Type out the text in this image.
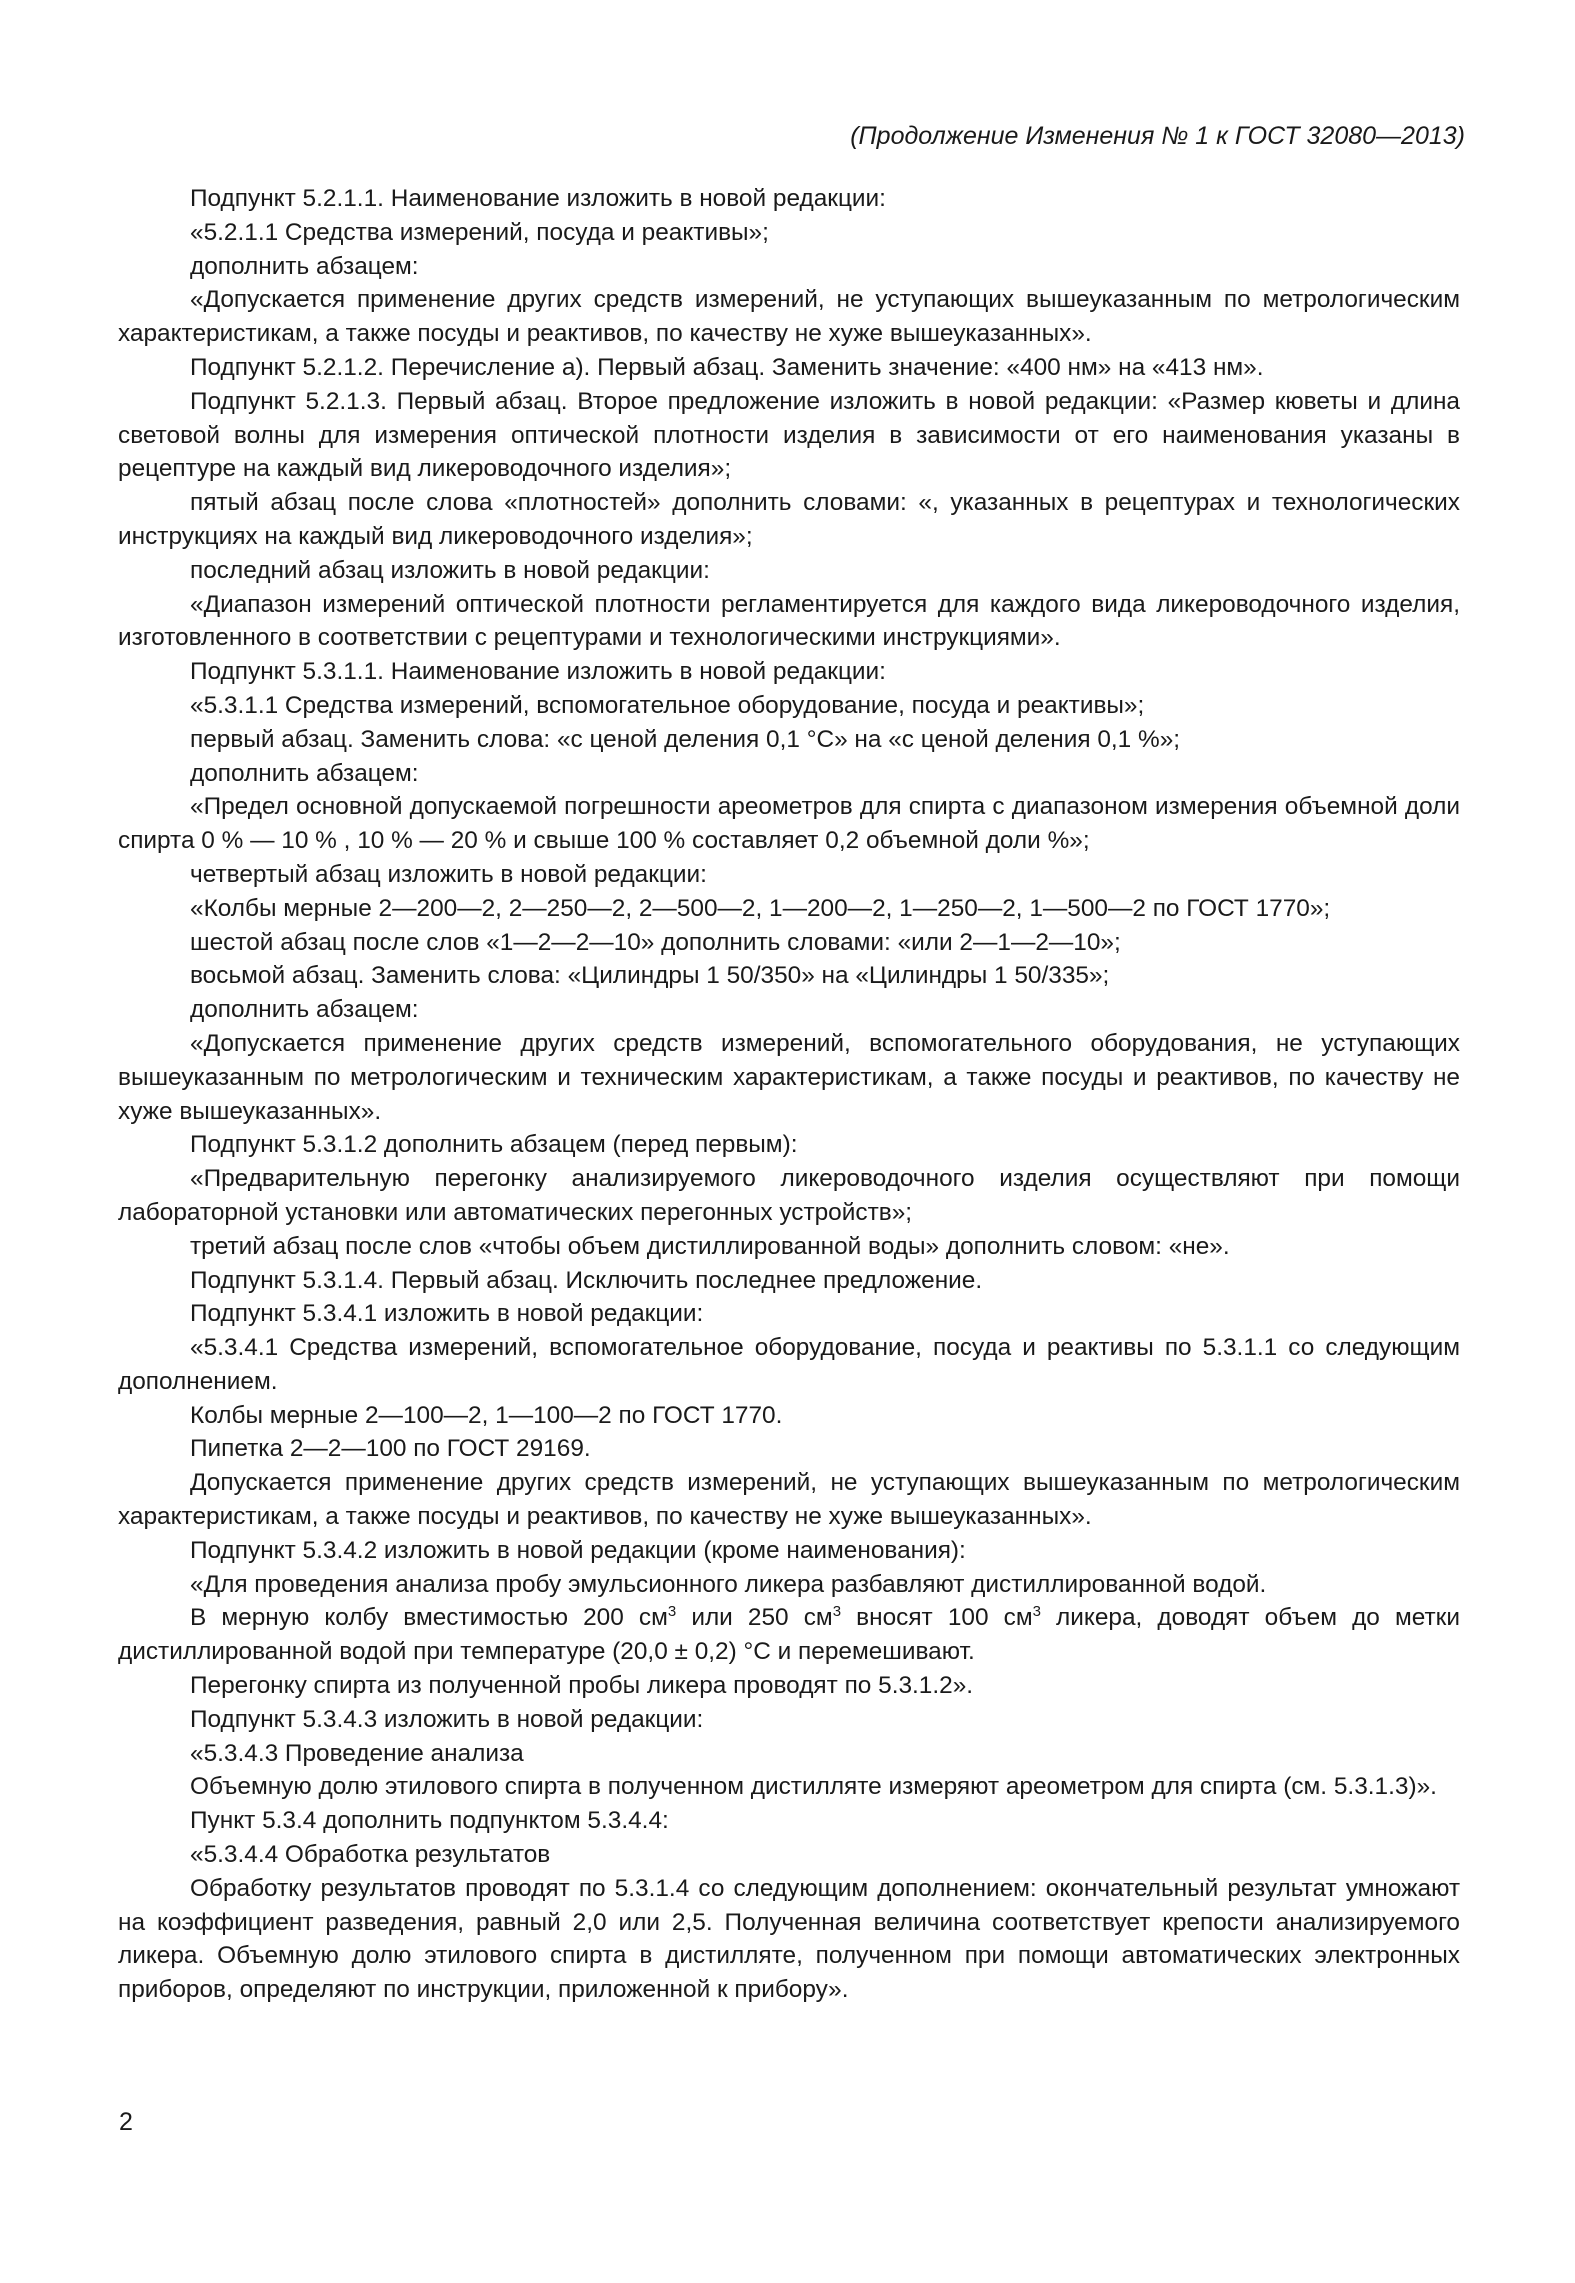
(Продолжение Изменения № 1 к ГОСТ 32080—2013)

Подпункт 5.2.1.1. Наименование изложить в новой редакции:

«5.2.1.1 Средства измерений, посуда и реактивы»;

дополнить абзацем:

«Допускается применение других средств измерений, не уступающих вышеуказанным по метрологическим характеристикам, а также посуды и реактивов, по качеству не хуже вышеуказанных».

Подпункт 5.2.1.2. Перечисление а). Первый абзац. Заменить значение: «400 нм» на «413 нм».

Подпункт 5.2.1.3. Первый абзац. Второе предложение изложить в новой редакции: «Размер кюветы и длина световой волны для измерения оптической плотности изделия в зависимости от его наименования указаны в рецептуре на каждый вид ликероводочного изделия»;

пятый абзац после слова «плотностей» дополнить словами: «, указанных в рецептурах и технологических инструкциях на каждый вид ликероводочного изделия»;

последний абзац изложить в новой редакции:

«Диапазон измерений оптической плотности регламентируется для каждого вида ликероводочного изделия, изготовленного в соответствии с рецептурами и технологическими инструкциями».

Подпункт 5.3.1.1. Наименование изложить в новой редакции:

«5.3.1.1 Средства измерений, вспомогательное оборудование, посуда и реактивы»;

первый абзац. Заменить слова: «с ценой деления 0,1 °С» на «с ценой деления 0,1 %»;

дополнить абзацем:

«Предел основной допускаемой погрешности ареометров для спирта с диапазоном измерения объемной доли спирта 0 % — 10 % , 10 % — 20 % и свыше 100 % составляет 0,2 объемной доли %»;

четвертый абзац изложить в новой редакции:

«Колбы мерные 2—200—2, 2—250—2, 2—500—2, 1—200—2, 1—250—2, 1—500—2 по ГОСТ 1770»;

шестой абзац после слов «1—2—2—10» дополнить словами: «или 2—1—2—10»;

восьмой абзац. Заменить слова: «Цилиндры 1 50/350» на «Цилиндры 1 50/335»;

дополнить абзацем:

«Допускается применение других средств измерений, вспомогательного оборудования, не уступающих вышеуказанным по метрологическим и техническим характеристикам, а также посуды и реактивов, по качеству не хуже вышеуказанных».

Подпункт 5.3.1.2 дополнить абзацем (перед первым):

«Предварительную перегонку анализируемого ликероводочного изделия осуществляют при помощи лабораторной установки или автоматических перегонных устройств»;

третий абзац после слов «чтобы объем дистиллированной воды» дополнить словом: «не».

Подпункт 5.3.1.4. Первый абзац. Исключить последнее предложение.

Подпункт 5.3.4.1 изложить в новой редакции:

«5.3.4.1 Средства измерений, вспомогательное оборудование, посуда и реактивы по 5.3.1.1 со следующим дополнением.

Колбы мерные 2—100—2, 1—100—2 по ГОСТ 1770.

Пипетка 2—2—100 по ГОСТ 29169.

Допускается применение других средств измерений, не уступающих вышеуказанным по метрологическим характеристикам, а также посуды и реактивов, по качеству не хуже вышеуказанных».

Подпункт 5.3.4.2 изложить в новой редакции (кроме наименования):

«Для проведения анализа пробу эмульсионного ликера разбавляют дистиллированной водой.

В мерную колбу вместимостью 200 $см^3$ или 250 $см^3$ вносят 100 $см^3$ ликера, доводят объем до метки дистиллированной водой при температуре (20,0 ± 0,2) °С и перемешивают.

Перегонку спирта из полученной пробы ликера проводят по 5.3.1.2».

Подпункт 5.3.4.3 изложить в новой редакции:

«5.3.4.3 Проведение анализа

Объемную долю этилового спирта в полученном дистилляте измеряют ареометром для спирта (см. 5.3.1.3)».

Пункт 5.3.4 дополнить подпунктом 5.3.4.4:

«5.3.4.4 Обработка результатов

Обработку результатов проводят по 5.3.1.4 со следующим дополнением: окончательный результат умножают на коэффициент разведения, равный 2,0 или 2,5. Полученная величина соответствует крепости анализируемого ликера. Объемную долю этилового спирта в дистилляте, полученном при помощи автоматических электронных приборов, определяют по инструкции, приложенной к прибору».

2
